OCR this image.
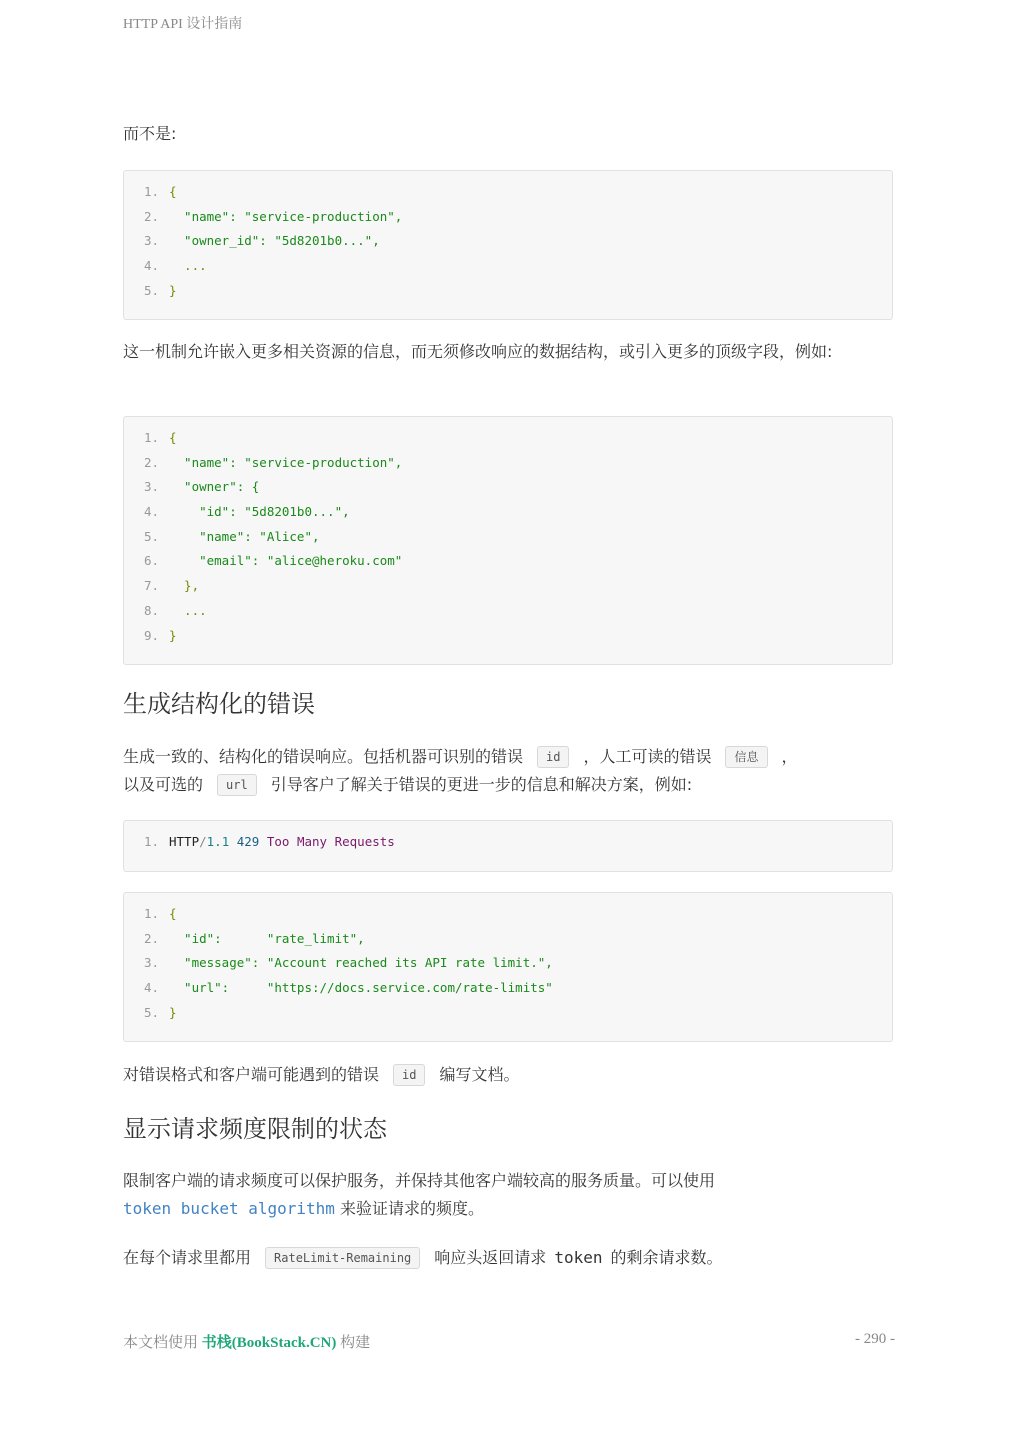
HTTP API 设计指南

而不是:

1. {
2.  "name": "service-production",
3.  "owner_id": "5d8201b0...",
4.  ...
5. }

这一机制允许嵌入更多相关资源的信息，而无须修改响应的数据结构，或引入更多的顶级字段，例如:

1. {
2.  "name": "service-production",
3.  "owner": {
4.    "id": "5d8201b0...",
5.    "name": "Alice",
6.    "email": "alice@heroku.com"
7.  },
8.  ...
9. }
生成结构化的错误

生成一致的、结构化的错误响应。包括机器可识别的错误 id ，人工可读的错误 信息 ，
以及可选的 url 引导客户了解关于错误的更进一步的信息和解决方案，例如:

1. HTTP/1.1 429 Too Many Requests
1. {
2.  "id":      "rate_limit",
3.  "message": "Account reached its API rate limit.",
4.  "url":     "https://docs.service.com/rate-limits"
5. }

对错误格式和客户端可能遇到的错误 id 编写文档。

显示请求频度限制的状态

限制客户端的请求频度可以保护服务，并保持其他客户端较高的服务质量。可以使用
token bucket algorithm 来验证请求的频度。

在每个请求里都用 RateLimit-Remaining 响应头返回请求 token 的剩余请求数。

本文档使用 书栈(BookStack.CN) 构建	- 290 -
